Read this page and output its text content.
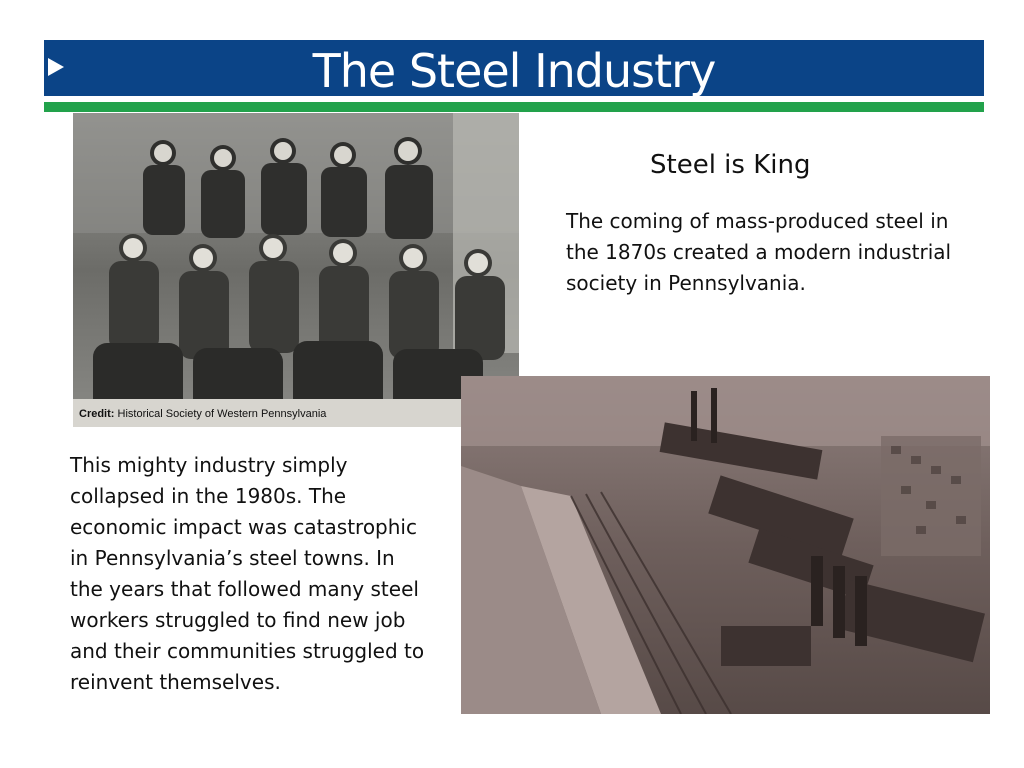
The Steel Industry
Credit: Historical Society of Western Pennsylvania
Steel is King
The coming of mass-produced steel in the 1870s created a modern industrial society in Pennsylvania.
This mighty industry simply collapsed in the 1980s. The economic impact was catastrophic in Pennsylvania’s steel towns. In the years that followed many steel workers struggled to find new job and their communities struggled to reinvent themselves.
